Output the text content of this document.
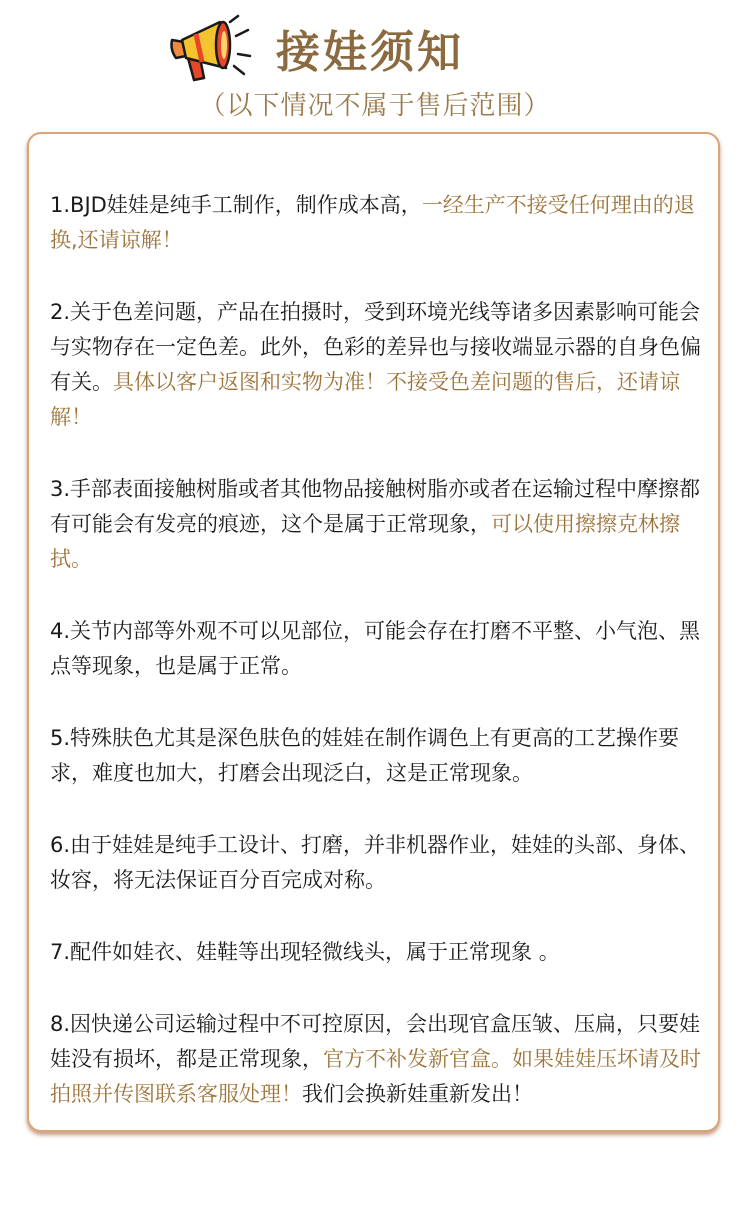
接娃须知
（以下情况不属于售后范围）

1.BJD娃娃是纯手工制作，制作成本高，一经生产不接受任何理由的退换,还请谅解！

2.关于色差问题，产品在拍摄时，受到环境光线等诸多因素影响可能会与实物存在一定色差。此外，色彩的差异也与接收端显示器的自身色偏有关。具体以客户返图和实物为准！不接受色差问题的售后，还请谅解！

3.手部表面接触树脂或者其他物品接触树脂亦或者在运输过程中摩擦都有可能会有发亮的痕迹，这个是属于正常现象，可以使用擦擦克林擦拭。

4.关节内部等外观不可以见部位，可能会存在打磨不平整、小气泡、黑点等现象，也是属于正常。

5.特殊肤色尤其是深色肤色的娃娃在制作调色上有更高的工艺操作要求，难度也加大，打磨会出现泛白，这是正常现象。

6.由于娃娃是纯手工设计、打磨，并非机器作业，娃娃的头部、身体、妆容，将无法保证百分百完成对称。

7.配件如娃衣、娃鞋等出现轻微线头，属于正常现象 。

8.因快递公司运输过程中不可控原因，会出现官盒压皱、压扁，只要娃娃没有损坏，都是正常现象，官方不补发新官盒。如果娃娃压坏请及时拍照并传图联系客服处理！我们会换新娃重新发出！
